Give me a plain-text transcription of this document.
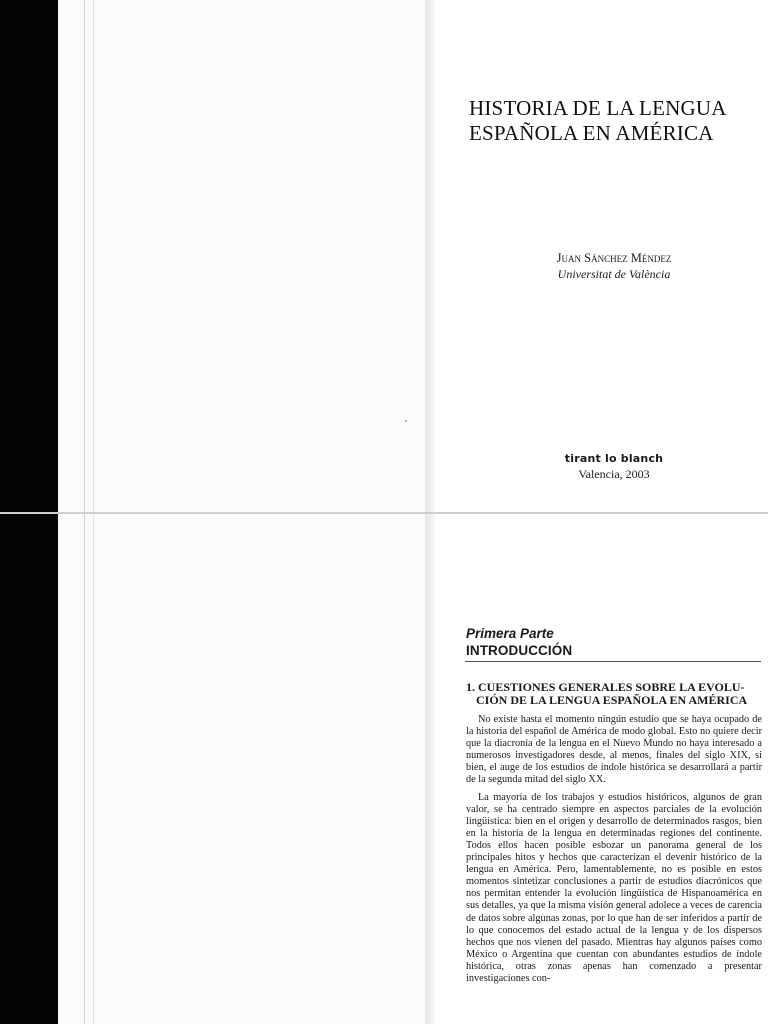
HISTORIA DE LA LENGUA
ESPAÑOLA EN AMÉRICA
Juan Sánchez Méndez
Universitat de València
tirant lo blanch
Valencia, 2003
Primera Parte
INTRODUCCIÓN
1. CUESTIONES GENERALES SOBRE LA EVOLU-
CIÓN DE LA LENGUA ESPAÑOLA EN AMÉRICA

No existe hasta el momento ningún estudio que se haya ocupado de la historia del español de América de modo global. Esto no quiere decir que la diacronía de la lengua en el Nuevo Mundo no haya interesado a numerosos investigadores desde, al menos, finales del siglo XIX, si bien, el auge de los estudios de índole histórica se desarrollará a partir de la segunda mitad del siglo XX.

La mayoría de los trabajos y estudios históricos, algunos de gran valor, se ha centrado siempre en aspectos parciales de la evolución lingüística: bien en el origen y desarrollo de determinados rasgos, bien en la historia de la lengua en determinadas regiones del continente. Todos ellos hacen posible esbozar un panorama general de los principales hitos y hechos que caracterizan el devenir histórico de la lengua en América. Pero, lamentablemente, no es posible en estos momentos sintetizar conclusiones a partir de estudios diacrónicos que nos permitan entender la evolución lingüística de Hispanoamérica en sus detalles, ya que la misma visión general adolece a veces de carencia de datos sobre algunas zonas, por lo que han de ser inferidos a partir de lo que conocemos del estado actual de la lengua y de los dispersos hechos que nos vienen del pasado. Mientras hay algunos países como México o Argentina que cuentan con abundantes estudios de índole histórica, otras zonas apenas han comenzado a presentar investigaciones con-
